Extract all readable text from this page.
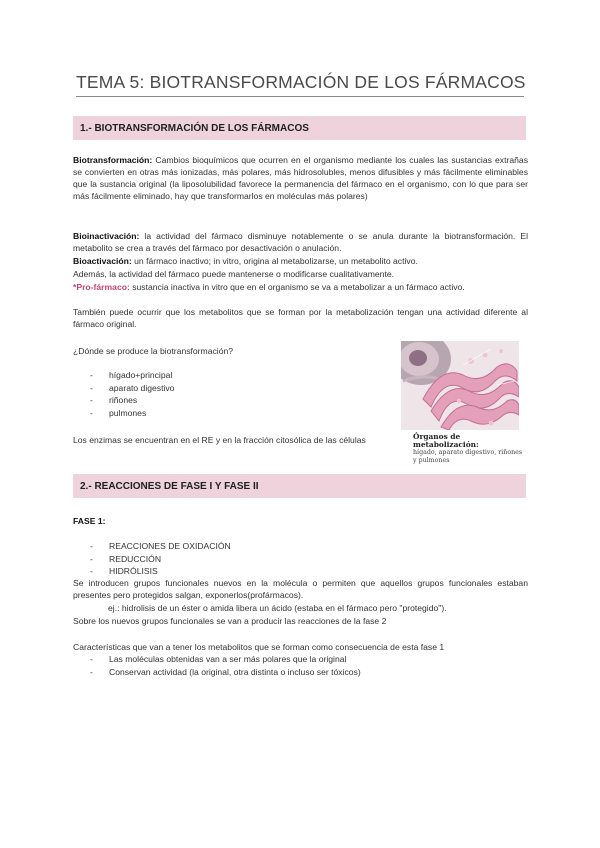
TEMA 5: BIOTRANSFORMACIÓN DE LOS FÁRMACOS
1.- BIOTRANSFORMACIÓN DE LOS FÁRMACOS
Biotransformación: Cambios bioquímicos que ocurren en el organismo mediante los cuales las sustancias extrañas se convierten en otras más ionizadas, más polares, más hidrosolubles, menos difusibles y más fácilmente eliminables que la sustancia original (la liposolubilidad favorece la permanencia del fármaco en el organismo, con lo que para ser más fácilmente eliminado, hay que transformarlos en moléculas más polares)
Bioinactivación: la actividad del fármaco disminuye notablemente o se anula durante la biotransformación. El metabolito se crea a través del fármaco por desactivación o anulación.
Bioactivación: un fármaco inactivo; in vitro, origina al metabolizarse, un metabolito activo.
Además, la actividad del fármaco puede mantenerse o modificarse cualitativamente.
*Pro-fármaco: sustancia inactiva in vitro que en el organismo se va a metabolizar a un fármaco activo.
También puede ocurrir que los metabolitos que se forman por la metabolización tengan una actividad diferente al fármaco original.
¿Dónde se produce la biotransformación?
- hígado+principal
- aparato digestivo
- riñones
- pulmones
Los enzimas se encuentran en el RE y en la fracción citosólica de las células	Órganos de metabolización:
hígado, aparato digestivo, riñones y pulmones
2.- REACCIONES DE FASE I Y FASE II
FASE 1:
- REACCIONES DE OXIDACIÓN
- REDUCCIÓN
- HIDRÓLISIS
Se introducen grupos funcionales nuevos en la molécula o permiten que aquellos grupos funcionales estaban presentes pero protegidos salgan, exponerlos(profármacos).
ej.: hidrolisis de un éster o amida libera un ácido (estaba en el fármaco pero "protegido").
Sobre los nuevos grupos funcionales se van a producir las reacciones de la fase 2
Características que van a tener los metabolitos que se forman como consecuencia de esta fase 1
- Las moléculas obtenidas van a ser más polares que la original
- Conservan actividad (la original, otra distinta o incluso ser tóxicos)
